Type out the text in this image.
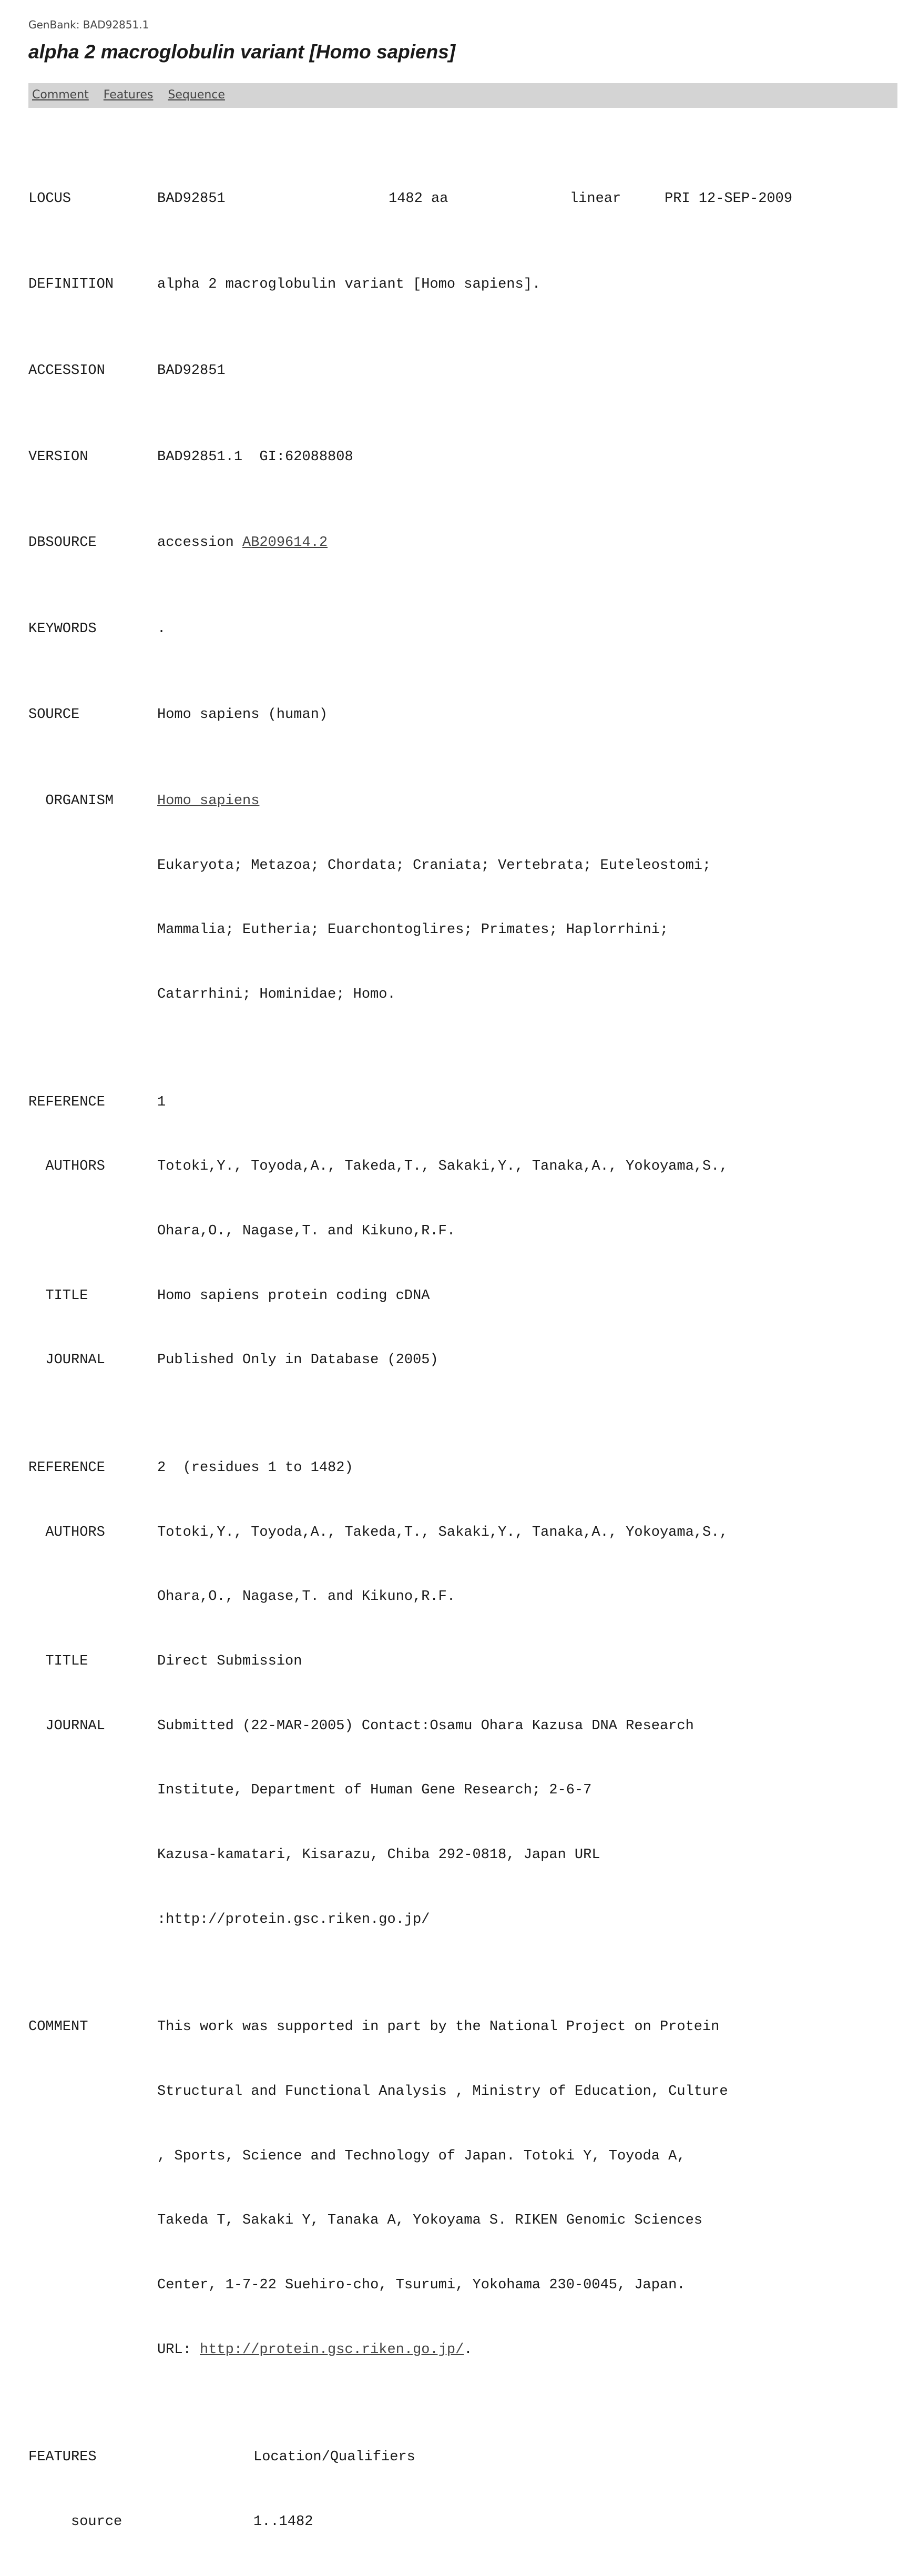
GenBank: BAD92851.1
alpha 2 macroglobulin variant [Homo sapiens]
Comment Features Sequence

LOCUS	BAD92851	1482 aa	linear	PRI 12-SEP-2009

DEFINITION	alpha 2 macroglobulin variant [Homo sapiens].

ACCESSION	BAD92851

VERSION	BAD92851.1  GI:62088808

DBSOURCE	accession AB209614.2

KEYWORDS	.

SOURCE	Homo sapiens (human)

ORGANISM	Homo sapiens

Eukaryota; Metazoa; Chordata; Craniata; Vertebrata; Euteleostomi;

Mammalia; Eutheria; Euarchontoglires; Primates; Haplorrhini;

Catarrhini; Hominidae; Homo.

REFERENCE	1

AUTHORS	Totoki,Y., Toyoda,A., Takeda,T., Sakaki,Y., Tanaka,A., Yokoyama,S.,

Ohara,O., Nagase,T. and Kikuno,R.F.

TITLE	Homo sapiens protein coding cDNA

JOURNAL	Published Only in Database (2005)

REFERENCE	2  (residues 1 to 1482)

AUTHORS	Totoki,Y., Toyoda,A., Takeda,T., Sakaki,Y., Tanaka,A., Yokoyama,S.,

Ohara,O., Nagase,T. and Kikuno,R.F.

TITLE	Direct Submission

JOURNAL	Submitted (22-MAR-2005) Contact:Osamu Ohara Kazusa DNA Research

Institute, Department of Human Gene Research; 2-6-7

Kazusa-kamatari, Kisarazu, Chiba 292-0818, Japan URL

:http://protein.gsc.riken.go.jp/

COMMENT	This work was supported in part by the National Project on Protein

Structural and Functional Analysis , Ministry of Education, Culture

, Sports, Science and Technology of Japan. Totoki Y, Toyoda A,

Takeda T, Sakaki Y, Tanaka A, Yokoyama S. RIKEN Genomic Sciences

Center, 1-7-22 Suehiro-cho, Tsurumi, Yokohama 230-0045, Japan.

URL: http://protein.gsc.riken.go.jp/ .

FEATURES	Location/Qualifiers

source	1..1482
